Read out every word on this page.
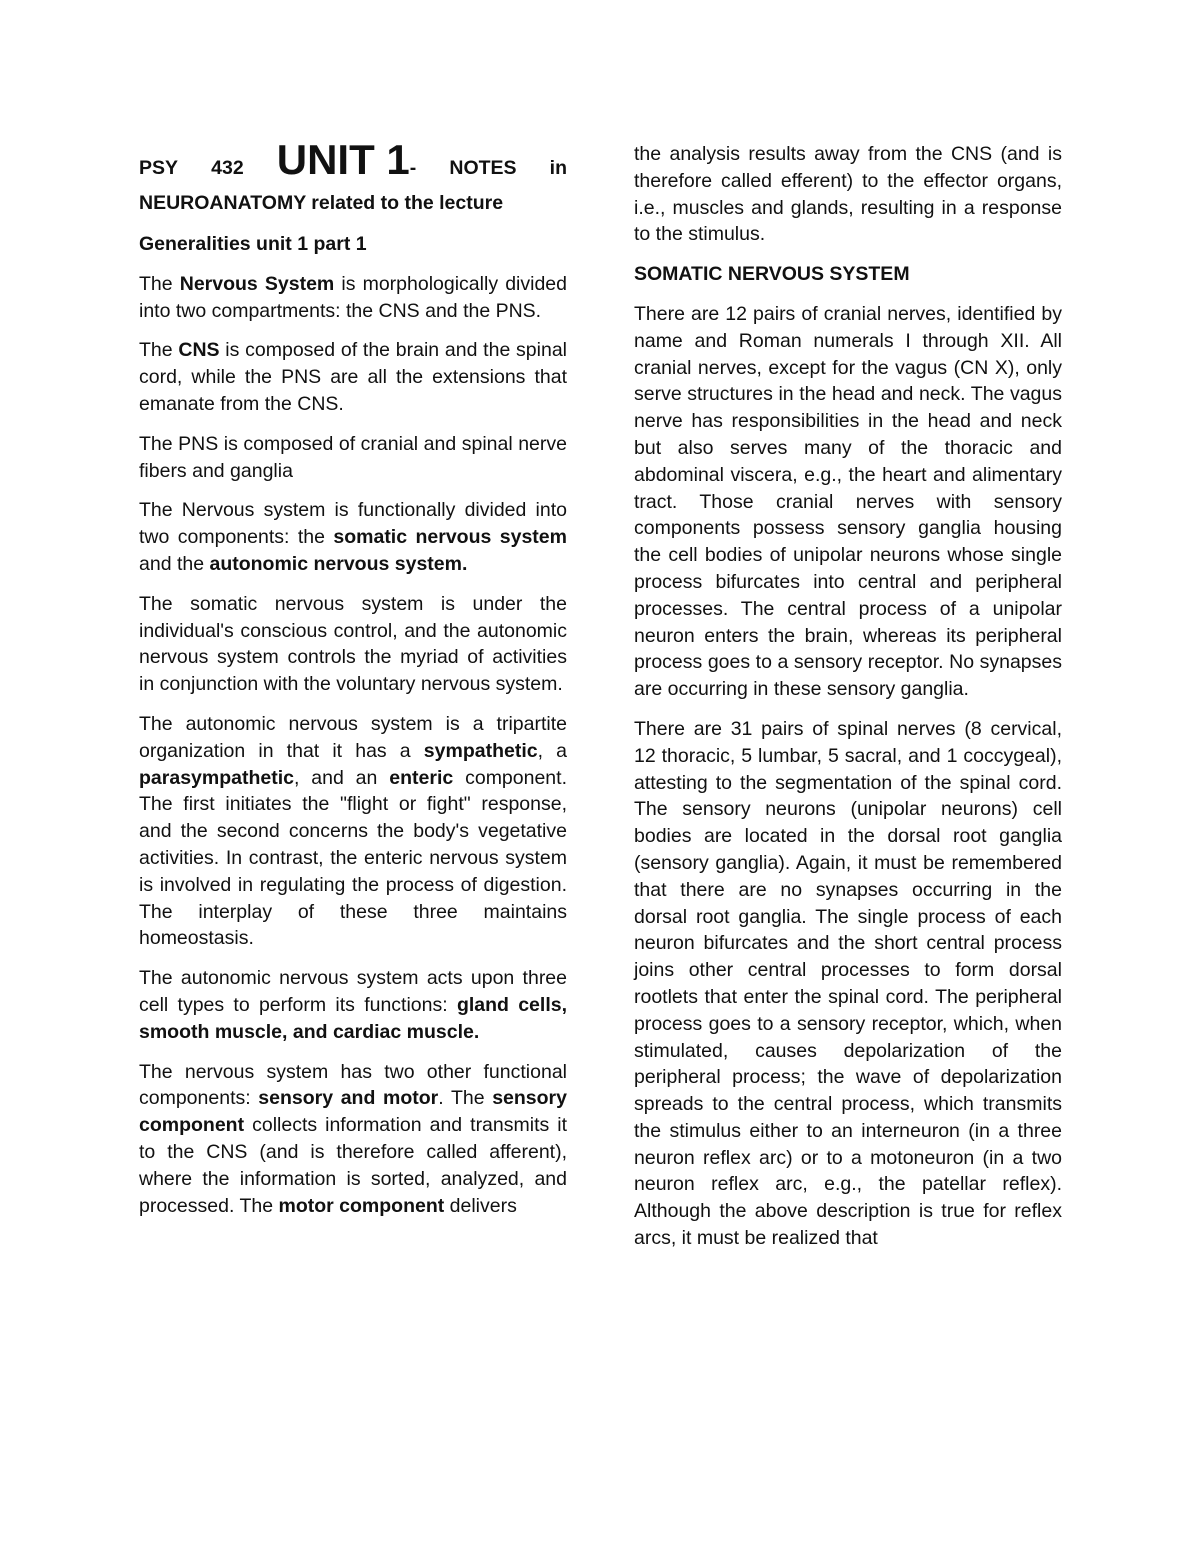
PSY 432 UNIT 1- NOTES in

NEUROANATOMY related to the lecture

Generalities unit 1 part 1

The Nervous System is morphologically divided into two compartments: the CNS and the PNS.

The CNS is composed of the brain and the spinal cord, while the PNS are all the extensions that emanate from the CNS.

The PNS is composed of cranial and spinal nerve fibers and ganglia

The Nervous system is functionally divided into two components: the somatic nervous system and the autonomic nervous system.

The somatic nervous system is under the individual's conscious control, and the autonomic nervous system controls the myriad of activities in conjunction with the voluntary nervous system.

The autonomic nervous system is a tripartite organization in that it has a sympathetic, a parasympathetic, and an enteric component. The first initiates the "flight or fight" response, and the second concerns the body's vegetative activities. In contrast, the enteric nervous system is involved in regulating the process of digestion. The interplay of these three maintains homeostasis.

The autonomic nervous system acts upon three cell types to perform its functions: gland cells, smooth muscle, and cardiac muscle.

The nervous system has two other functional components: sensory and motor. The sensory component collects information and transmits it to the CNS (and is therefore called afferent), where the information is sorted, analyzed, and processed. The motor component delivers

the analysis results away from the CNS (and is therefore called efferent) to the effector organs, i.e., muscles and glands, resulting in a response to the stimulus.

SOMATIC NERVOUS SYSTEM

There are 12 pairs of cranial nerves, identified by name and Roman numerals I through XII. All cranial nerves, except for the vagus (CN X), only serve structures in the head and neck. The vagus nerve has responsibilities in the head and neck but also serves many of the thoracic and abdominal viscera, e.g., the heart and alimentary tract. Those cranial nerves with sensory components possess sensory ganglia housing the cell bodies of unipolar neurons whose single process bifurcates into central and peripheral processes. The central process of a unipolar neuron enters the brain, whereas its peripheral process goes to a sensory receptor. No synapses are occurring in these sensory ganglia.

There are 31 pairs of spinal nerves (8 cervical, 12 thoracic, 5 lumbar, 5 sacral, and 1 coccygeal), attesting to the segmentation of the spinal cord. The sensory neurons (unipolar neurons) cell bodies are located in the dorsal root ganglia (sensory ganglia). Again, it must be remembered that there are no synapses occurring in the dorsal root ganglia. The single process of each neuron bifurcates and the short central process joins other central processes to form dorsal rootlets that enter the spinal cord. The peripheral process goes to a sensory receptor, which, when stimulated, causes depolarization of the peripheral process; the wave of depolarization spreads to the central process, which transmits the stimulus either to an interneuron (in a three neuron reflex arc) or to a motoneuron (in a two neuron reflex arc, e.g., the patellar reflex). Although the above description is true for reflex arcs, it must be realized that
